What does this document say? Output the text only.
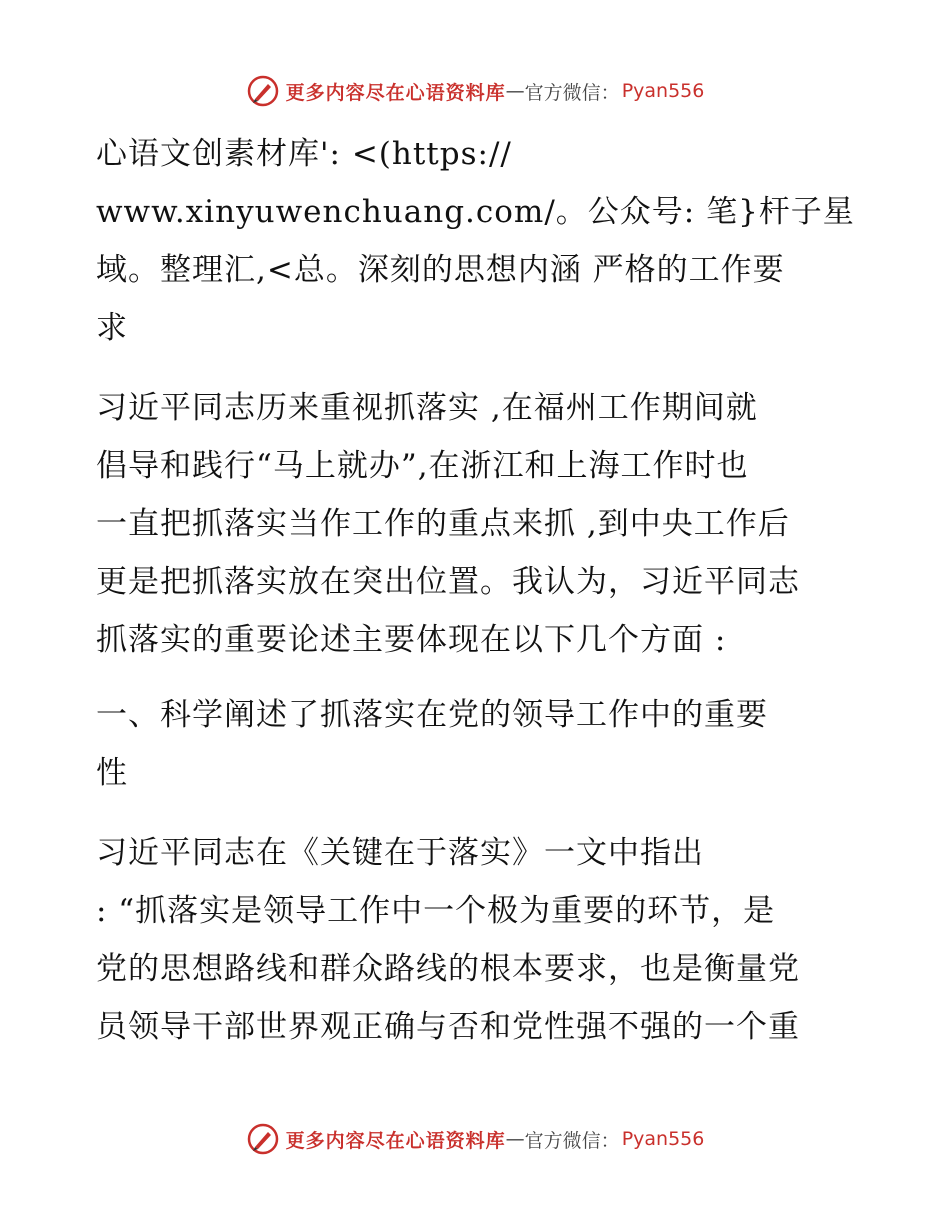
更多内容尽在心语资料库 — 官方微信： Pyan556
心语文创素材库': <(https://
www.xinyuwenchuang.com/。公众号: 笔}杆子星
域。整理汇,<总。深刻的思想内涵 严格的工作要
求
习近平同志历来重视抓落实 ,在福州工作期间就
倡导和践行“马上就办”,在浙江和上海工作时也
一直把抓落实当作工作的重点来抓 ,到中央工作后
更是把抓落实放在突出位置。我认为，习近平同志
抓落实的重要论述主要体现在以下几个方面 :
一、科学阐述了抓落实在党的领导工作中的重要
性
习近平同志在《关键在于落实》一文中指出
: “抓落实是领导工作中一个极为重要的环节，是
党的思想路线和群众路线的根本要求，也是衡量党
员领导干部世界观正确与否和党性强不强的一个重
更多内容尽在心语资料库 — 官方微信： Pyan556
